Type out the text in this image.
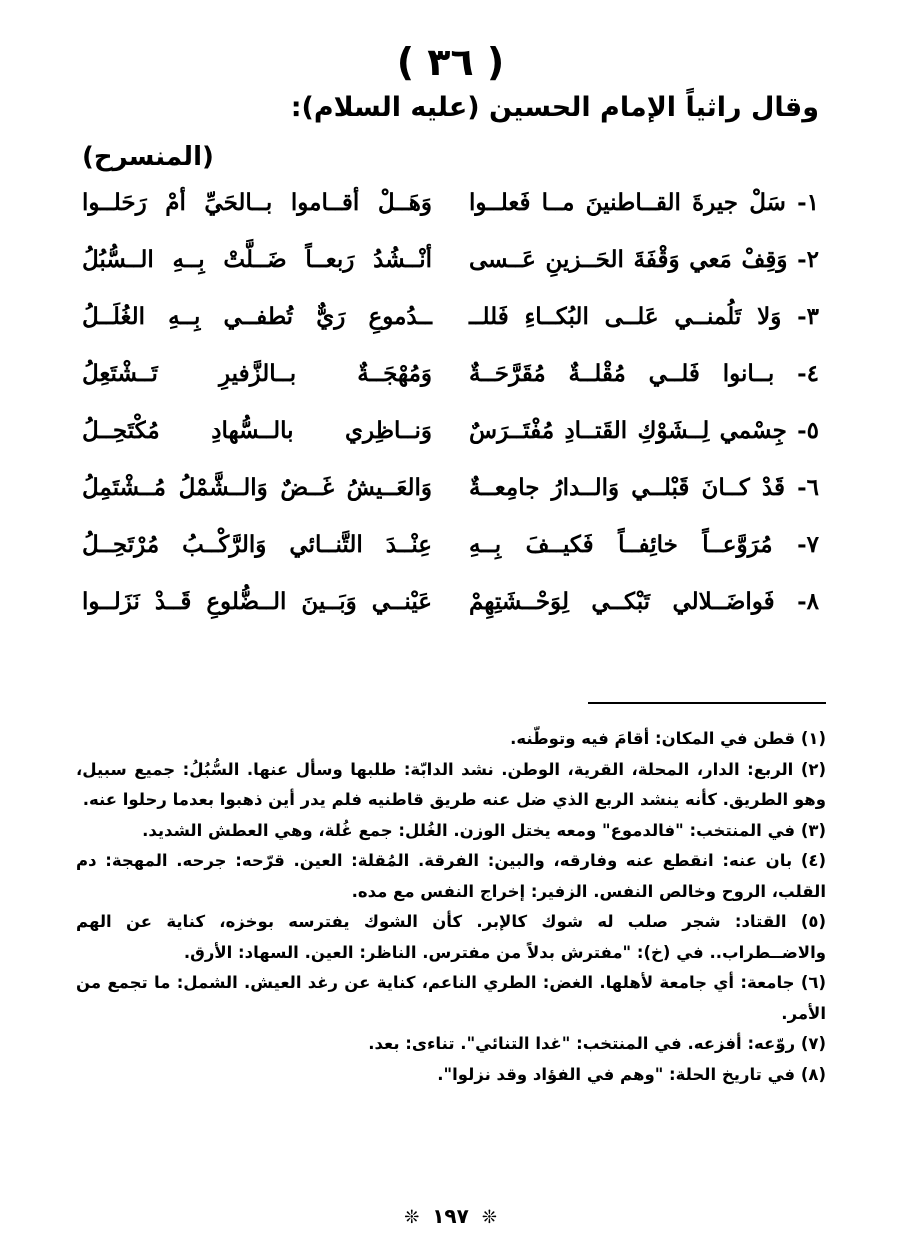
( ٣٦ )
وقال راثياً الإمام الحسين (عليه السلام):
(المنسرح)
١- سَلْ جيرةَ القــاطنينَ مــا فَعلــوا
وَهَــلْ أقــاموا بــالحَيِّ أمْ رَحَلــوا
٢- وَقِفْ مَعي وَقْفَةَ الحَــزينِ عَــسى
أنْــشُدُ رَبعــاً ضَــلَّتْ بِــهِ الــسُّبُلُ
٣- وَلا تَلُمنــي عَلــى البُكــاءِ فَللــ
ــدُموعِ رَيٌّ تُطفــي بِــهِ الغُلَــلُ
٤- بــانوا فَلــي مُقْلــةٌ مُقَرَّحَــةٌ
وَمُهْجَــةٌ بــالزَّفيرِ تَــشْتَعِلُ
٥- جِسْمي لِــشَوْكِ القَتــادِ مُفْتَــرَسٌ
وَنــاظِري بالــسُّهادِ مُكْتَحِــلُ
٦- قَدْ كــانَ قَبْلــي وَالــدارُ جامِعــةٌ
وَالعَــيشُ غَــضٌ وَالــشَّمْلُ مُــشْتَمِلُ
٧- مُرَوَّعــاً خائِفــاً فَكيــفَ بِــهِ
عِنْــدَ التَّنــائي وَالرَّكْــبُ مُرْتَحِــلُ
٨- فَواضَــلالي تَبْكــي لِوَحْــشَتِهِمْ
عَيْنــي وَبَــينَ الــضُّلوعِ قَــدْ نَزَلــوا

(١) قطن في المكان: أقامَ فيه وتوطّنه.

(٢) الربع: الدار، المحلة، القرية، الوطن. نشد الدابّة: طلبها وسأل عنها. السُّبُلُ: جميع سبيل، وهو الطريق. كأنه ينشد الربع الذي ضل عنه طريق قاطنيه فلم يدر أين ذهبوا بعدما رحلوا عنه.

(٣) في المنتخب: "فالدموع" ومعه يختل الوزن. الغُلل: جمع غُلة، وهي العطش الشديد.

(٤) بان عنه: انقطع عنه وفارقه، والبين: الفرقة. المُقلة: العين. قرّحه: جرحه. المهجة: دم القلب، الروح وخالص النفس. الزفير: إخراج النفس مع مده.

(٥) القتاد: شجر صلب له شوك كالإبر. كأن الشوك يفترسه بوخزه، كناية عن الهم والاضــطراب.. في (خ): "مفترش بدلاً من مفترس. الناظر: العين. السهاد: الأرق.

(٦) جامعة: أي جامعة لأهلها. الغض: الطري الناعم، كناية عن رغد العيش. الشمل: ما تجمع من الأمر.

(٧) روّعه: أفزعه. في المنتخب: "غدا التنائي". تناءى: بعد.

(٨) في تاريخ الحلة: "وهم في الفؤاد وقد نزلوا".

❊ ١٩٧ ❊
